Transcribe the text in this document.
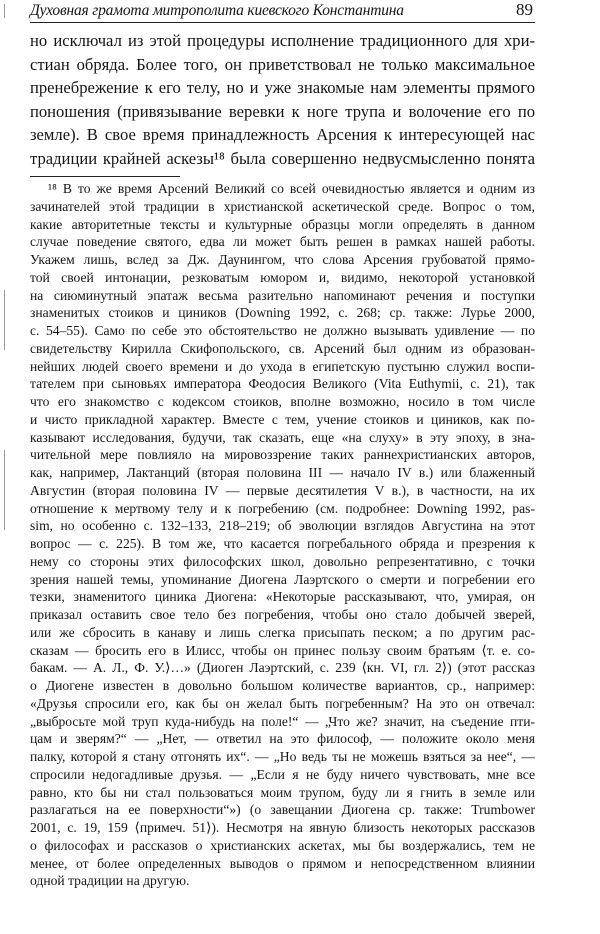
Духовная грамота митрополита киевского Константина	89
но исключал из этой процедуры исполнение традиционного для хри-
стиан обряда. Более того, он приветствовал не только максимальное
пренебрежение к его телу, но и уже знакомые нам элементы прямого
поношения (привязывание веревки к ноге трупа и волочение его по
земле). В свое время принадлежность Арсения к интересующей нас
традиции крайней аскезы¹⁸ была совершенно недвусмысленно понята
¹⁸ В то же время Арсений Великий со всей очевидностью является и одним из
зачинателей этой традиции в христианской аскетической среде. Вопрос о том,
какие авторитетные тексты и культурные образцы могли определять в данном
случае поведение святого, едва ли может быть решен в рамках нашей работы.
Укажем лишь, вслед за Дж. Даунингом, что слова Арсения грубоватой прямо-
той своей интонации, резковатым юмором и, видимо, некоторой установкой
на сиюминутный эпатаж весьма разительно напоминают речения и поступки
знаменитых стоиков и циников (Downing 1992, с. 268; ср. также: Лурье 2000,
с. 54–55). Само по себе это обстоятельство не должно вызывать удивление — по
свидетельству Кирилла Скифопольского, св. Арсений был одним из образован-
нейших людей своего времени и до ухода в египетскую пустыню служил воспи-
тателем при сыновьях императора Феодосия Великого (Vita Euthymii, с. 21), так
что его знакомство с кодексом стоиков, вполне возможно, носило в том числе
и чисто прикладной характер. Вместе с тем, учение стоиков и циников, как по-
казывают исследования, будучи, так сказать, еще «на слуху» в эту эпоху, в зна-
чительной мере повлияло на мировоззрение таких раннехристианских авторов,
как, например, Лактанций (вторая половина III — начало IV в.) или блаженный
Августин (вторая половина IV — первые десятилетия V в.), в частности, на их
отношение к мертвому телу и к погребению (см. подробнее: Downing 1992, pas-
sim, но особенно с. 132–133, 218–219; об эволюции взглядов Августина на этот
вопрос — с. 225). В том же, что касается погребального обряда и презрения к
нему со стороны этих философских школ, довольно репрезентативно, с точки
зрения нашей темы, упоминание Диогена Лаэртского о смерти и погребении его
тезки, знаменитого циника Диогена: «Некоторые рассказывают, что, умирая, он
приказал оставить свое тело без погребения, чтобы оно стало добычей зверей,
или же сбросить в канаву и лишь слегка присыпать песком; а по другим рас-
сказам — бросить его в Илисс, чтобы он принес пользу своим братьям ⟨т. е. со-
бакам. — А. Л., Ф. У.⟩…» (Диоген Лаэртский, с. 239 ⟨кн. VI, гл. 2⟩) (этот рассказ
о Диогене известен в довольно большом количестве вариантов, ср., например:
«Друзья спросили его, как бы он желал быть погребенным? На это он отвечал:
„выбросьте мой труп куда-нибудь на поле!“ — „Что же? значит, на съедение пти-
цам и зверям?“ — „Нет, — ответил на это философ, — положите около меня
палку, которой я стану отгонять их“. — „Но ведь ты не можешь взяться за нее“, —
спросили недогадливые друзья. — „Если я не буду ничего чувствовать, мне все
равно, кто бы ни стал пользоваться моим трупом, буду ли я гнить в земле или
разлагаться на ее поверхности“») (о завещании Диогена ср. также: Trumbower
2001, с. 19, 159 ⟨примеч. 51⟩). Несмотря на явную близость некоторых рассказов
о философах и рассказов о христианских аскетах, мы бы воздержались, тем не
менее, от более определенных выводов о прямом и непосредственном влиянии
одной традиции на другую.
